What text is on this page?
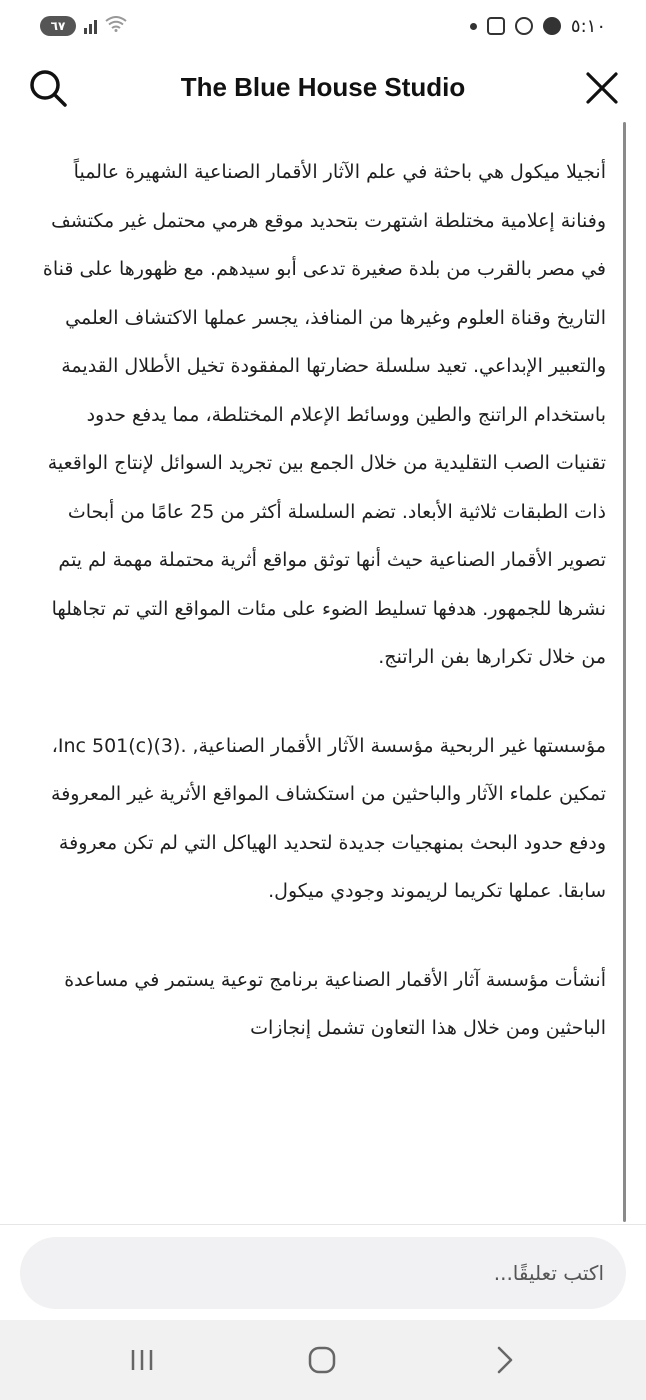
٦٧	٥:١٠
The Blue House Studio

أنجيلا ميكول هي باحثة في علم الآثار الأقمار الصناعية الشهيرة عالمياً وفنانة إعلامية مختلطة اشتهرت بتحديد موقع هرمي محتمل غير مكتشف في مصر بالقرب من بلدة صغيرة تدعى أبو سيدهم. مع ظهورها على قناة التاريخ وقناة العلوم وغيرها من المنافذ، يجسر عملها الاكتشاف العلمي والتعبير الإبداعي. تعيد سلسلة حضارتها المفقودة تخيل الأطلال القديمة باستخدام الراتنج والطين ووسائط الإعلام المختلطة، مما يدفع حدود تقنيات الصب التقليدية من خلال الجمع بين تجريد السوائل لإنتاج الواقعية ذات الطبقات ثلاثية الأبعاد. تضم السلسلة أكثر من 25 عامًا من أبحاث تصوير الأقمار الصناعية حيث أنها توثق مواقع أثرية محتملة مهمة لم يتم نشرها للجمهور. هدفها تسليط الضوء على مئات المواقع التي تم تجاهلها من خلال تكرارها بفن الراتنج.

مؤسستها غير الربحية مؤسسة الآثار الأقمار الصناعية, .Inc 501(c)(3)، تمكين علماء الآثار والباحثين من استكشاف المواقع الأثرية غير المعروفة ودفع حدود البحث بمنهجيات جديدة لتحديد الهياكل التي لم تكن معروفة سابقا. عملها تكريما لريموند وجودي ميكول.

أنشأت مؤسسة آثار الأقمار الصناعية برنامج توعية يستمر في مساعدة الباحثين ومن خلال هذا التعاون تشمل إنجازات

اكتب تعليقًا...
